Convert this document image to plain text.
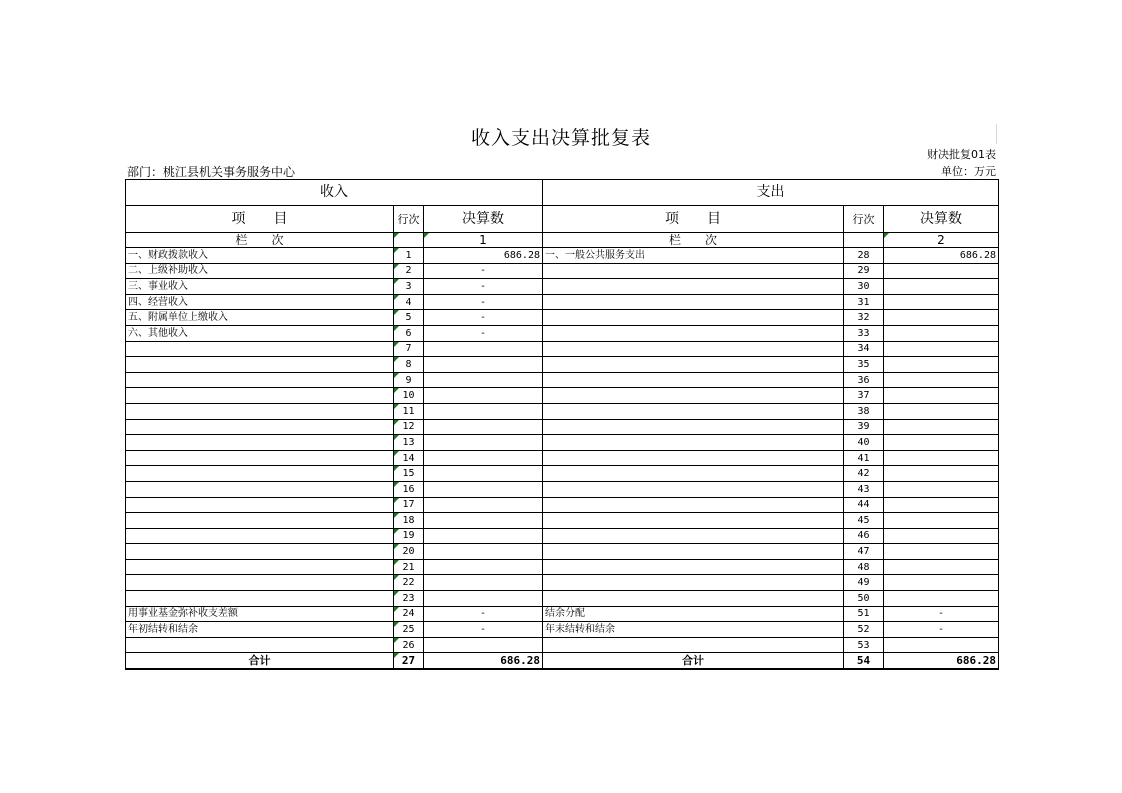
收入支出决算批复表
财决批复01表
部门：桃江县机关事务服务中心	单位：万元
收入			支出		
项　　目	行次	决算数	项　　目	行次	决算数
栏　　次		1	栏　　次		2
一、财政拨款收入	1	686.28	一、一般公共服务支出	28	686.28
二、上级补助收入	2	-		29	
三、事业收入	3	-		30	
四、经营收入	4	-		31	
五、附属单位上缴收入	5	-		32	
六、其他收入	6	-		33	
	7			34	
	8			35	
	9			36	
	10			37	
	11			38	
	12			39	
	13			40	
	14			41	
	15			42	
	16			43	
	17			44	
	18			45	
	19			46	
	20			47	
	21			48	
	22			49	
	23			50	
用事业基金弥补收支差额	24	-	结余分配	51	-
年初结转和结余	25	-	年末结转和结余	52	-
	26			53	
合计	27	686.28	合计	54	686.28
